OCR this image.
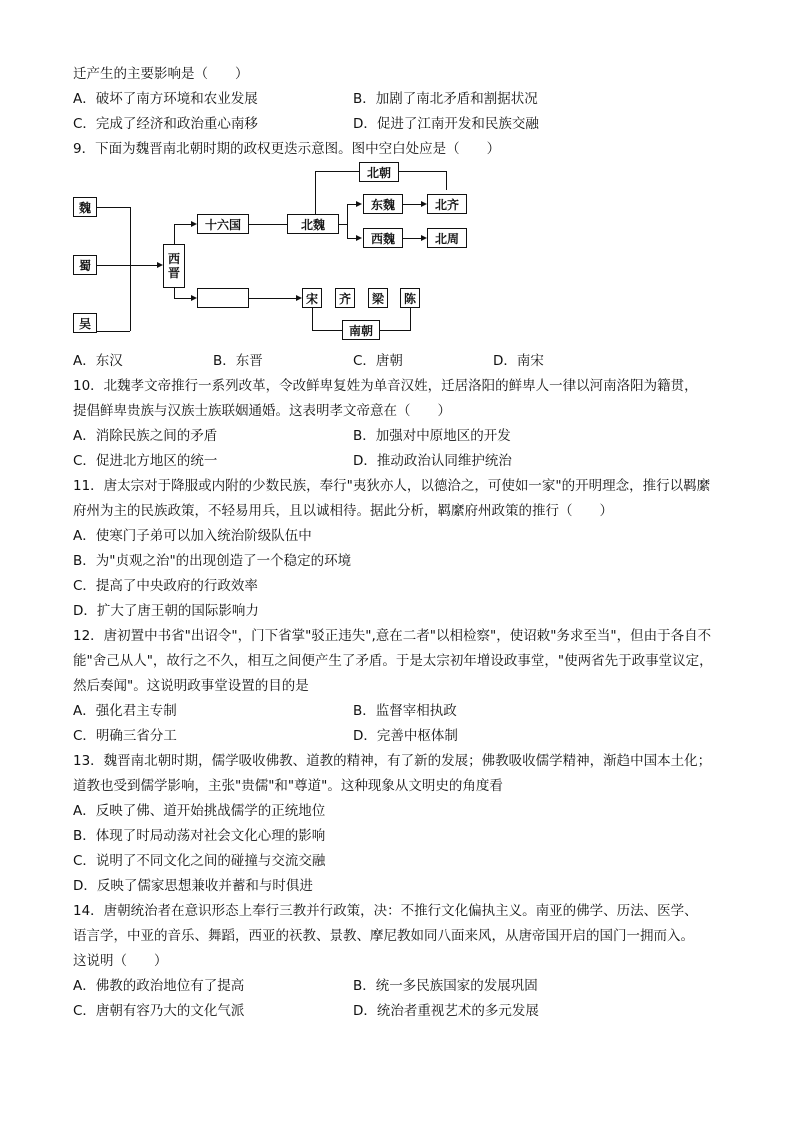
迁产生的主要影响是（　　）
A．破坏了南方环境和农业发展	B．加剧了南北矛盾和割据状况
C．完成了经济和政治重心南移	D．促进了江南开发和民族交融
9．下面为魏晋南北朝时期的政权更迭示意图。图中空白处应是（　　）
魏
蜀
吴
西
晋
十六国	北魏
北朝
东魏	北齐
西魏	北周
宋	齐	梁	陈
南朝
A．东汉	B．东晋	C．唐朝	D．南宋
10．北魏孝文帝推行一系列改革，令改鲜卑复姓为单音汉姓，迁居洛阳的鲜卑人一律以河南洛阳为籍贯，
提倡鲜卑贵族与汉族士族联姻通婚。这表明孝文帝意在（　　）
A．消除民族之间的矛盾	B．加强对中原地区的开发
C．促进北方地区的统一	D．推动政治认同维护统治
11．唐太宗对于降服或内附的少数民族，奉行"夷狄亦人，以德洽之，可使如一家"的开明理念，推行以羁縻
府州为主的民族政策，不轻易用兵，且以诚相待。据此分析，羁縻府州政策的推行（　　）
A．使寒门子弟可以加入统治阶级队伍中
B．为"贞观之治"的出现创造了一个稳定的环境
C．提高了中央政府的行政效率
D．扩大了唐王朝的国际影响力
12．唐初置中书省"出诏令"，门下省掌"驳正违失",意在二者"以相检察"，使诏敕"务求至当"，但由于各自不
能"舍己从人"，故行之不久，相互之间便产生了矛盾。于是太宗初年增设政事堂，"使两省先于政事堂议定，
然后奏闻"。这说明政事堂设置的目的是
A．强化君主专制	B．监督宰相执政
C．明确三省分工	D．完善中枢体制
13．魏晋南北朝时期，儒学吸收佛教、道教的精神，有了新的发展；佛教吸收儒学精神，渐趋中国本土化；
道教也受到儒学影响，主张"贵儒"和"尊道"。这种现象从文明史的角度看
A．反映了佛、道开始挑战儒学的正统地位
B．体现了时局动荡对社会文化心理的影响
C．说明了不同文化之间的碰撞与交流交融
D．反映了儒家思想兼收并蓄和与时俱进
14．唐朝统治者在意识形态上奉行三教并行政策，决：不推行文化偏执主义。南亚的佛学、历法、医学、
语言学，中亚的音乐、舞蹈，西亚的祆教、景教、摩尼教如同八面来风，从唐帝国开启的国门一拥而入。
这说明（　　）
A．佛教的政治地位有了提高	B．统一多民族国家的发展巩固
C．唐朝有容乃大的文化气派	D．统治者重视艺术的多元发展
